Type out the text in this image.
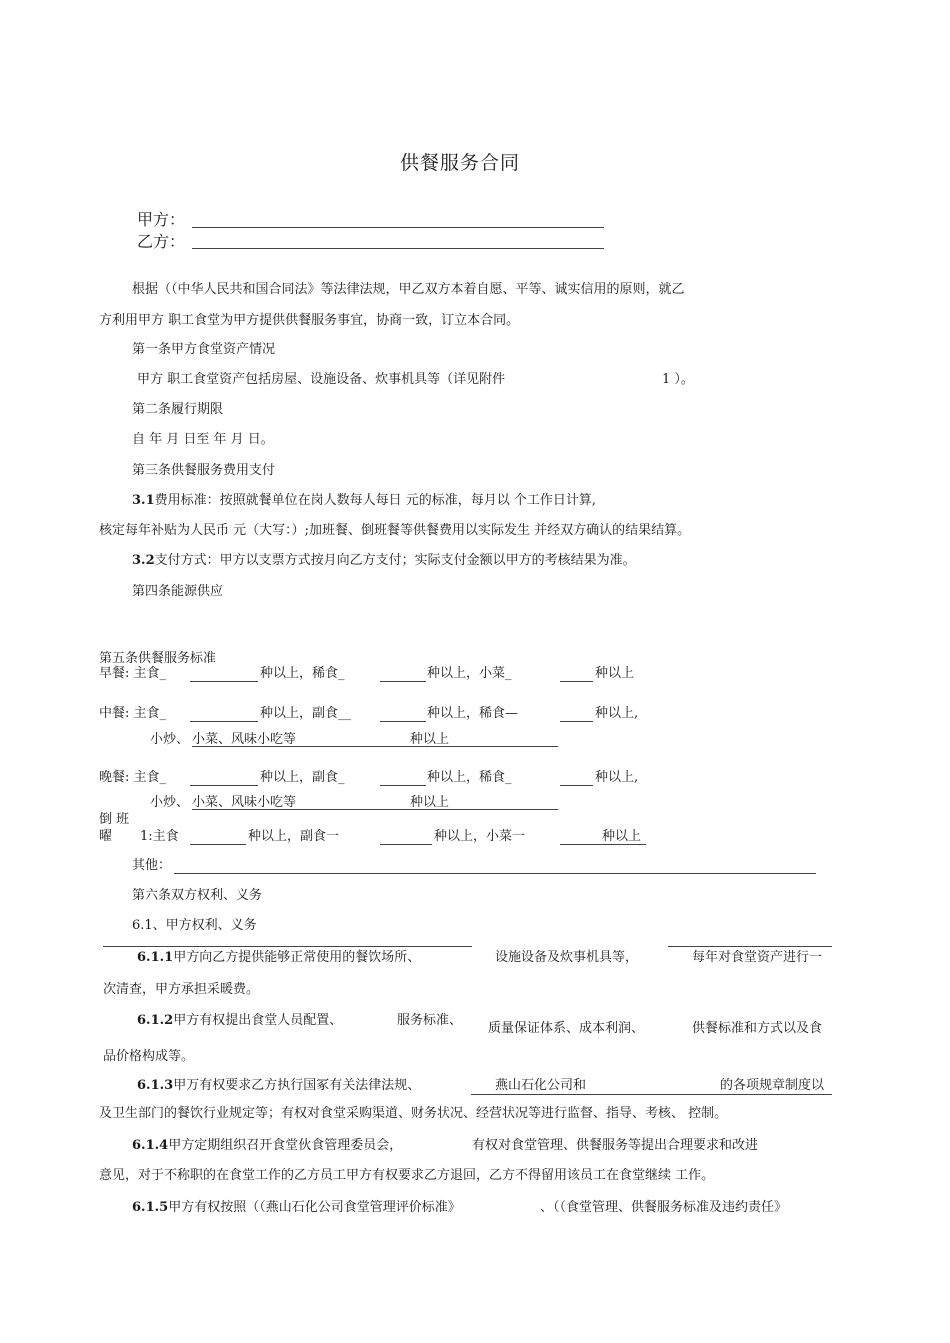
供餐服务合同
甲方：
乙方：
根据（（中华人民共和国合同法》等法律法规，甲乙双方本着自愿、平等、诚实信用的原则，就乙
方利用甲方 职工食堂为甲方提供供餐服务事宜，协商一致，订立本合同。
第一条甲方食堂资产情况
甲方 职工食堂资产包括房屋、设施设备、炊事机具等（详见附件	1 ）。
第二条履行期限
自 年 月 日至 年 月 日。
第三条供餐服务费用支付
3.1费用标准：按照就餐单位在岗人数每人每日 元的标准，每月以 个工作日计算,
核定每年补贴为人民币 元（大写：）;加班餐、倒班餐等供餐费用以实际发生 并经双方确认的结果结算。
3.2支付方式：甲方以支票方式按月向乙方支付；实际支付金额以甲方的考核结果为准。
第四条能源供应
第五条供餐服务标准
早餐: 主食_	种以上，稀食_	种以上，小菜_	种以上
中餐: 主食_	种以上，副食__	种以上，稀食—	种以上,
小炒、 小菜、风味小吃等	种以上
晚餐: 主食_	种以上，副食_	种以上，稀食_	种以上,
小炒、 小菜、风味小吃等	种以上
倒 班
曜 1:主食	种以上，副食一	种以上，小菜一	种以上
其他：
第六条双方权利、义务
6.1、甲方权利、义务
6.1.1甲方向乙方提供能够正常使用的餐饮场所、	设施设备及炊事机具等，	每年对食堂资产进行一
次清查，甲方承担采暖费。
6.1.2甲方有权提出食堂人员配置、	服务标准、
质量保证体系、成本利润、	供餐标准和方式以及食
品价格构成等。
6.1.3甲万有权要求乙方执行国冢有关法律法规、	燕山石化公司和	的各项规章制度以
及卫生部门的餐饮行业规定等；有权对食堂采购渠道、财务状况、经营状况等进行监督、指导、考核、 控制。
6.1.4甲方定期组织召开食堂伙食管理委员会，	有权对食堂管理、供餐服务等提出合理要求和改进
意见，对于不称职的在食堂工作的乙方员工甲方有权要求乙方退回，乙方不得留用该员工在食堂继续 工作。
6.1.5甲方有权按照（（燕山石化公司食堂管理评价标准》	、（（食堂管理、供餐服务标准及违约责任》
